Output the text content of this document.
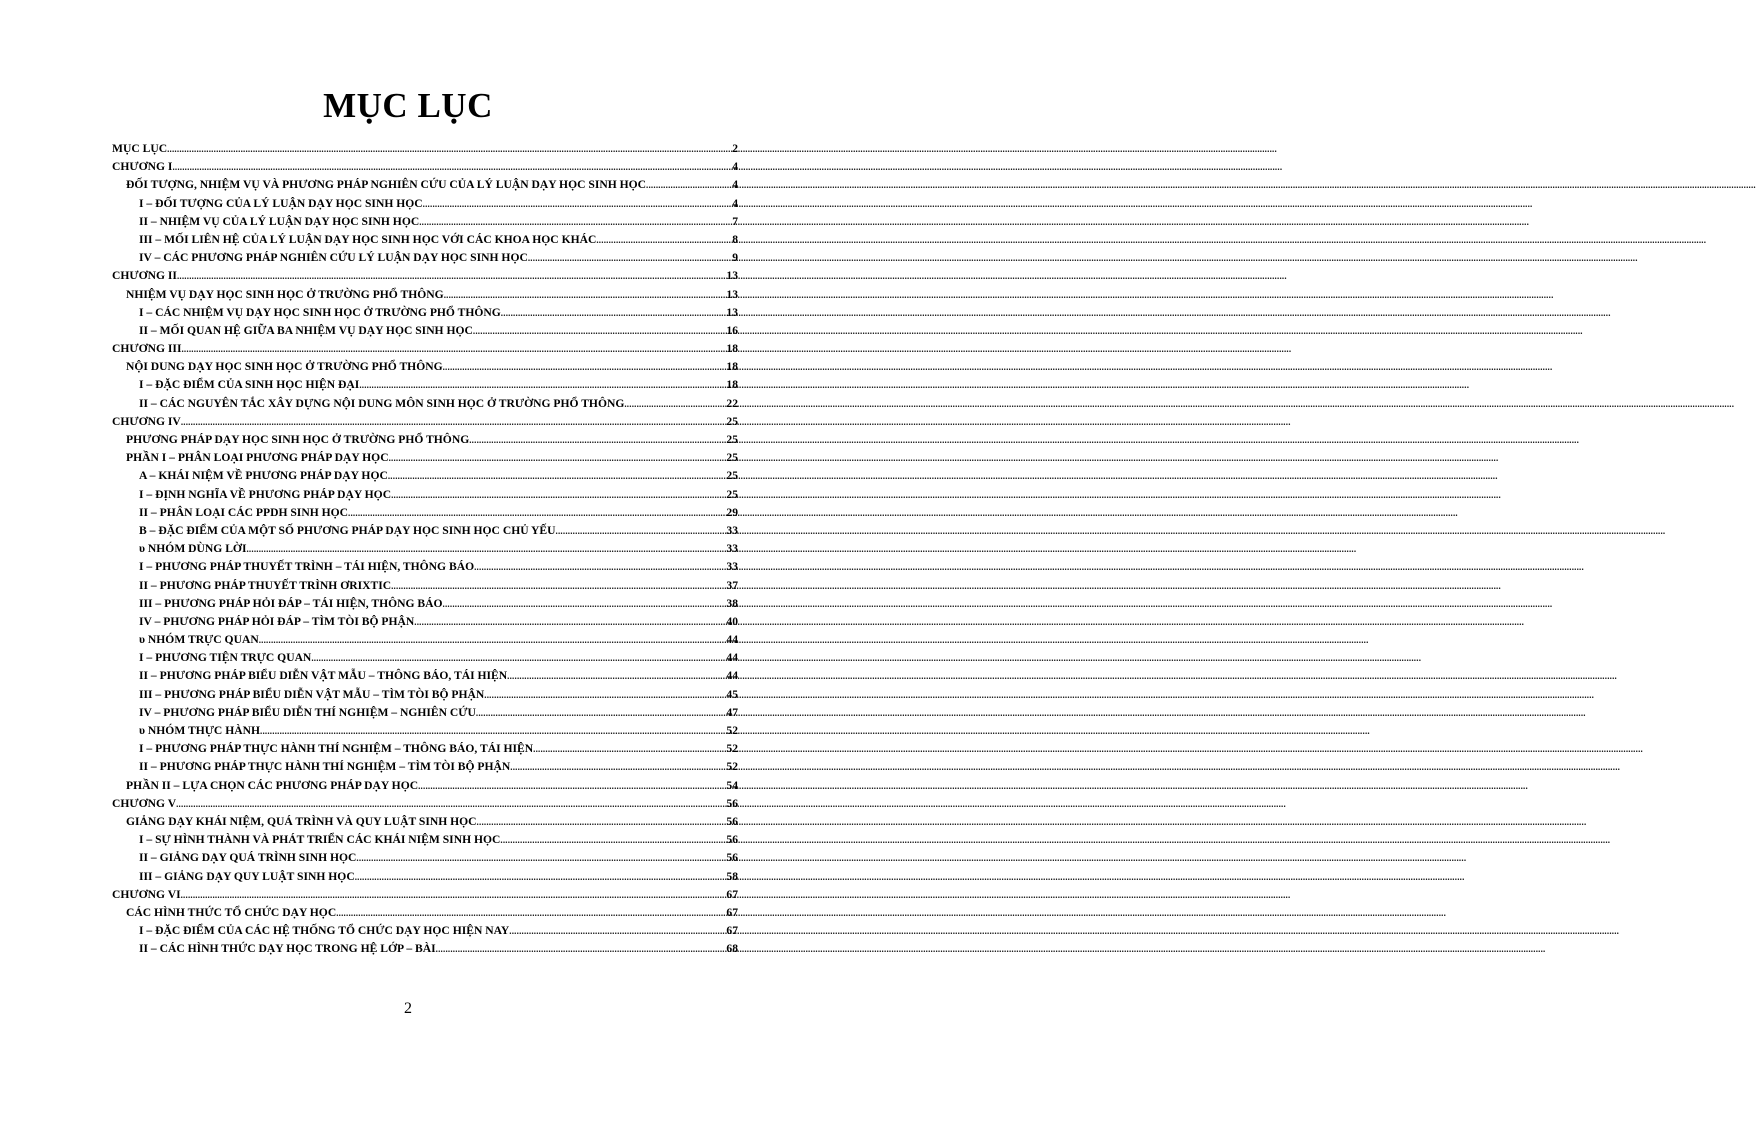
MỤC LỤC
MỤC LỤC .....	2
CHƯƠNG I .....	4
ĐỐI TƯỢNG, NHIỆM VỤ VÀ PHƯƠNG PHÁP NGHIÊN CỨU CỦA LÝ LUẬN DẠY HỌC SINH HỌC .....	4
I – ĐỐI TƯỢNG CỦA LÝ LUẬN DẠY HỌC SINH HỌC .....	4
II – NHIỆM VỤ CỦA LÝ LUẬN DẠY HỌC SINH HỌC .....	7
III – MỐI LIÊN HỆ CỦA LÝ LUẬN DẠY HỌC SINH HỌC VỚI CÁC KHOA HỌC KHÁC .....	8
IV – CÁC PHƯƠNG PHÁP NGHIÊN CỨU LÝ LUẬN DẠY HỌC SINH HỌC .....	9
CHƯƠNG II .....	13
NHIỆM VỤ DẠY HỌC SINH HỌC Ở TRƯỜNG PHỔ THÔNG .....	13
I – CÁC NHIỆM VỤ DẠY HỌC SINH HỌC Ở TRƯỜNG PHỔ THÔNG .....	13
II – MỐI QUAN HỆ GIỮA BA NHIỆM VỤ DẠY HỌC SINH HỌC .....	16
CHƯƠNG III .....	18
NỘI DUNG DẠY HỌC SINH HỌC Ở TRƯỜNG PHỔ THÔNG .....	18
I – ĐẶC ĐIỂM CỦA SINH HỌC HIỆN ĐẠI .....	18
II – CÁC NGUYÊN TẮC XÂY DỰNG NỘI DUNG MÔN SINH HỌC Ở TRƯỜNG PHỔ THÔNG .....	22
CHƯƠNG IV .....	25
PHƯƠNG PHÁP DẠY HỌC SINH HỌC Ở TRƯỜNG PHỔ THÔNG .....	25
PHẦN I – PHÂN LOẠI PHƯƠNG PHÁP DẠY HỌC .....	25
A – KHÁI NIỆM VỀ PHƯƠNG PHÁP DẠY HỌC .....	25
I – ĐỊNH NGHĨA VỀ PHƯƠNG PHÁP DẠY HỌC .....	25
II – PHÂN LOẠI CÁC PPDH SINH HỌC .....	29
B – ĐẶC ĐIỂM CỦA MỘT SỐ PHƯƠNG PHÁP DẠY HỌC SINH HỌC CHỦ YẾU .....	33
υ NHÓM DÙNG LỜI .....	33
I – PHƯƠNG PHÁP THUYẾT TRÌNH – TÁI HIỆN, THÔNG BÁO .....	33
II – PHƯƠNG PHÁP THUYẾT TRÌNH ƠRIXTIC .....	37
III – PHƯƠNG PHÁP HỎI ĐÁP – TÁI HIỆN, THÔNG BÁO .....	38
IV – PHƯƠNG PHÁP HỎI ĐÁP – TÌM TÒI BỘ PHẬN .....	40
υ NHÓM TRỰC QUAN .....	44
I – PHƯƠNG TIỆN TRỰC QUAN .....	44
II – PHƯƠNG PHÁP BIỂU DIỄN VẬT MẪU – THÔNG BÁO, TÁI HIỆN .....	44
III – PHƯƠNG PHÁP BIỂU DIỄN VẬT MẪU – TÌM TÒI BỘ PHẬN .....	45
IV – PHƯƠNG PHÁP BIỂU DIỄN THÍ NGHIỆM – NGHIÊN CỨU .....	47
υ NHÓM THỰC HÀNH .....	52
I – PHƯƠNG PHÁP THỰC HÀNH THÍ NGHIỆM – THÔNG BÁO, TÁI HIỆN .....	52
II – PHƯƠNG PHÁP THỰC HÀNH THÍ NGHIỆM – TÌM TÒI BỘ PHẬN .....	52
PHẦN II – LỰA CHỌN CÁC PHƯƠNG PHÁP DẠY HỌC .....	54
CHƯƠNG V .....	56
GIẢNG DẠY KHÁI NIỆM, QUÁ TRÌNH VÀ QUY LUẬT SINH HỌC .....	56
I – SỰ HÌNH THÀNH VÀ PHÁT TRIỂN CÁC KHÁI NIỆM SINH HỌC .....	56
II – GIẢNG DẠY QUÁ TRÌNH SINH HỌC .....	56
III – GIẢNG DẠY QUY LUẬT SINH HỌC .....	58
CHƯƠNG VI .....	67
CÁC HÌNH THỨC TỔ CHỨC DẠY HỌC .....	67
I – ĐẶC ĐIỂM CỦA CÁC HỆ THỐNG TỔ CHỨC DẠY HỌC HIỆN NAY .....	67
II – CÁC HÌNH THỨC DẠY HỌC TRONG HỆ LỚP – BÀI .....	68
2
